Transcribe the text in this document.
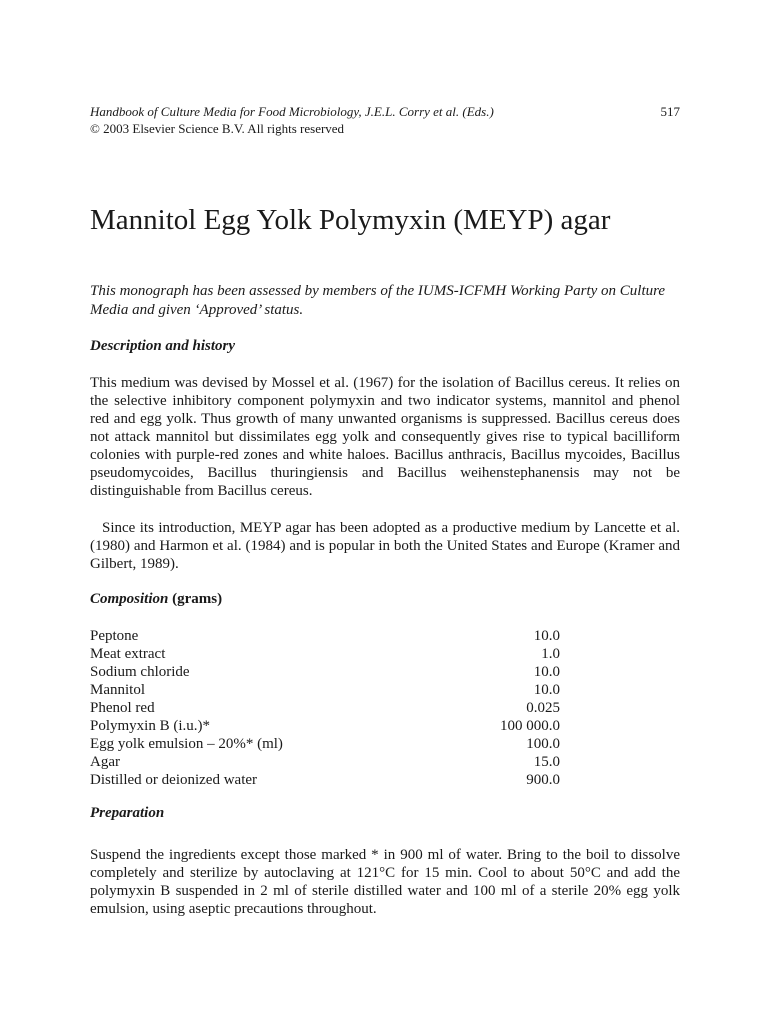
Handbook of Culture Media for Food Microbiology, J.E.L. Corry et al. (Eds.)	517
© 2003 Elsevier Science B.V. All rights reserved
Mannitol Egg Yolk Polymyxin (MEYP) agar

This monograph has been assessed by members of the IUMS-ICFMH Working Party on Culture Media and given ‘Approved’ status.

Description and history

This medium was devised by Mossel et al. (1967) for the isolation of Bacillus cereus. It relies on the selective inhibitory component polymyxin and two indicator systems, mannitol and phenol red and egg yolk. Thus growth of many unwanted organisms is suppressed. Bacillus cereus does not attack mannitol but dissimilates egg yolk and consequently gives rise to typical bacilliform colonies with purple-red zones and white haloes. Bacillus anthracis, Bacillus mycoides, Bacillus pseudomycoides, Bacillus thuringiensis and Bacillus weihenstephanensis may not be distinguishable from Bacillus cereus.

Since its introduction, MEYP agar has been adopted as a productive medium by Lancette et al. (1980) and Harmon et al. (1984) and is popular in both the United States and Europe (Kramer and Gilbert, 1989).

Composition (grams)
Peptone	10.0
Meat extract	1.0
Sodium chloride	10.0
Mannitol	10.0
Phenol red	0.025
Polymyxin B (i.u.)*	100 000.0
Egg yolk emulsion – 20%* (ml)	100.0
Agar	15.0
Distilled or deionized water	900.0
Preparation

Suspend the ingredients except those marked * in 900 ml of water. Bring to the boil to dissolve completely and sterilize by autoclaving at 121°C for 15 min. Cool to about 50°C and add the polymyxin B suspended in 2 ml of sterile distilled water and 100 ml of a sterile 20% egg yolk emulsion, using aseptic precautions throughout.
